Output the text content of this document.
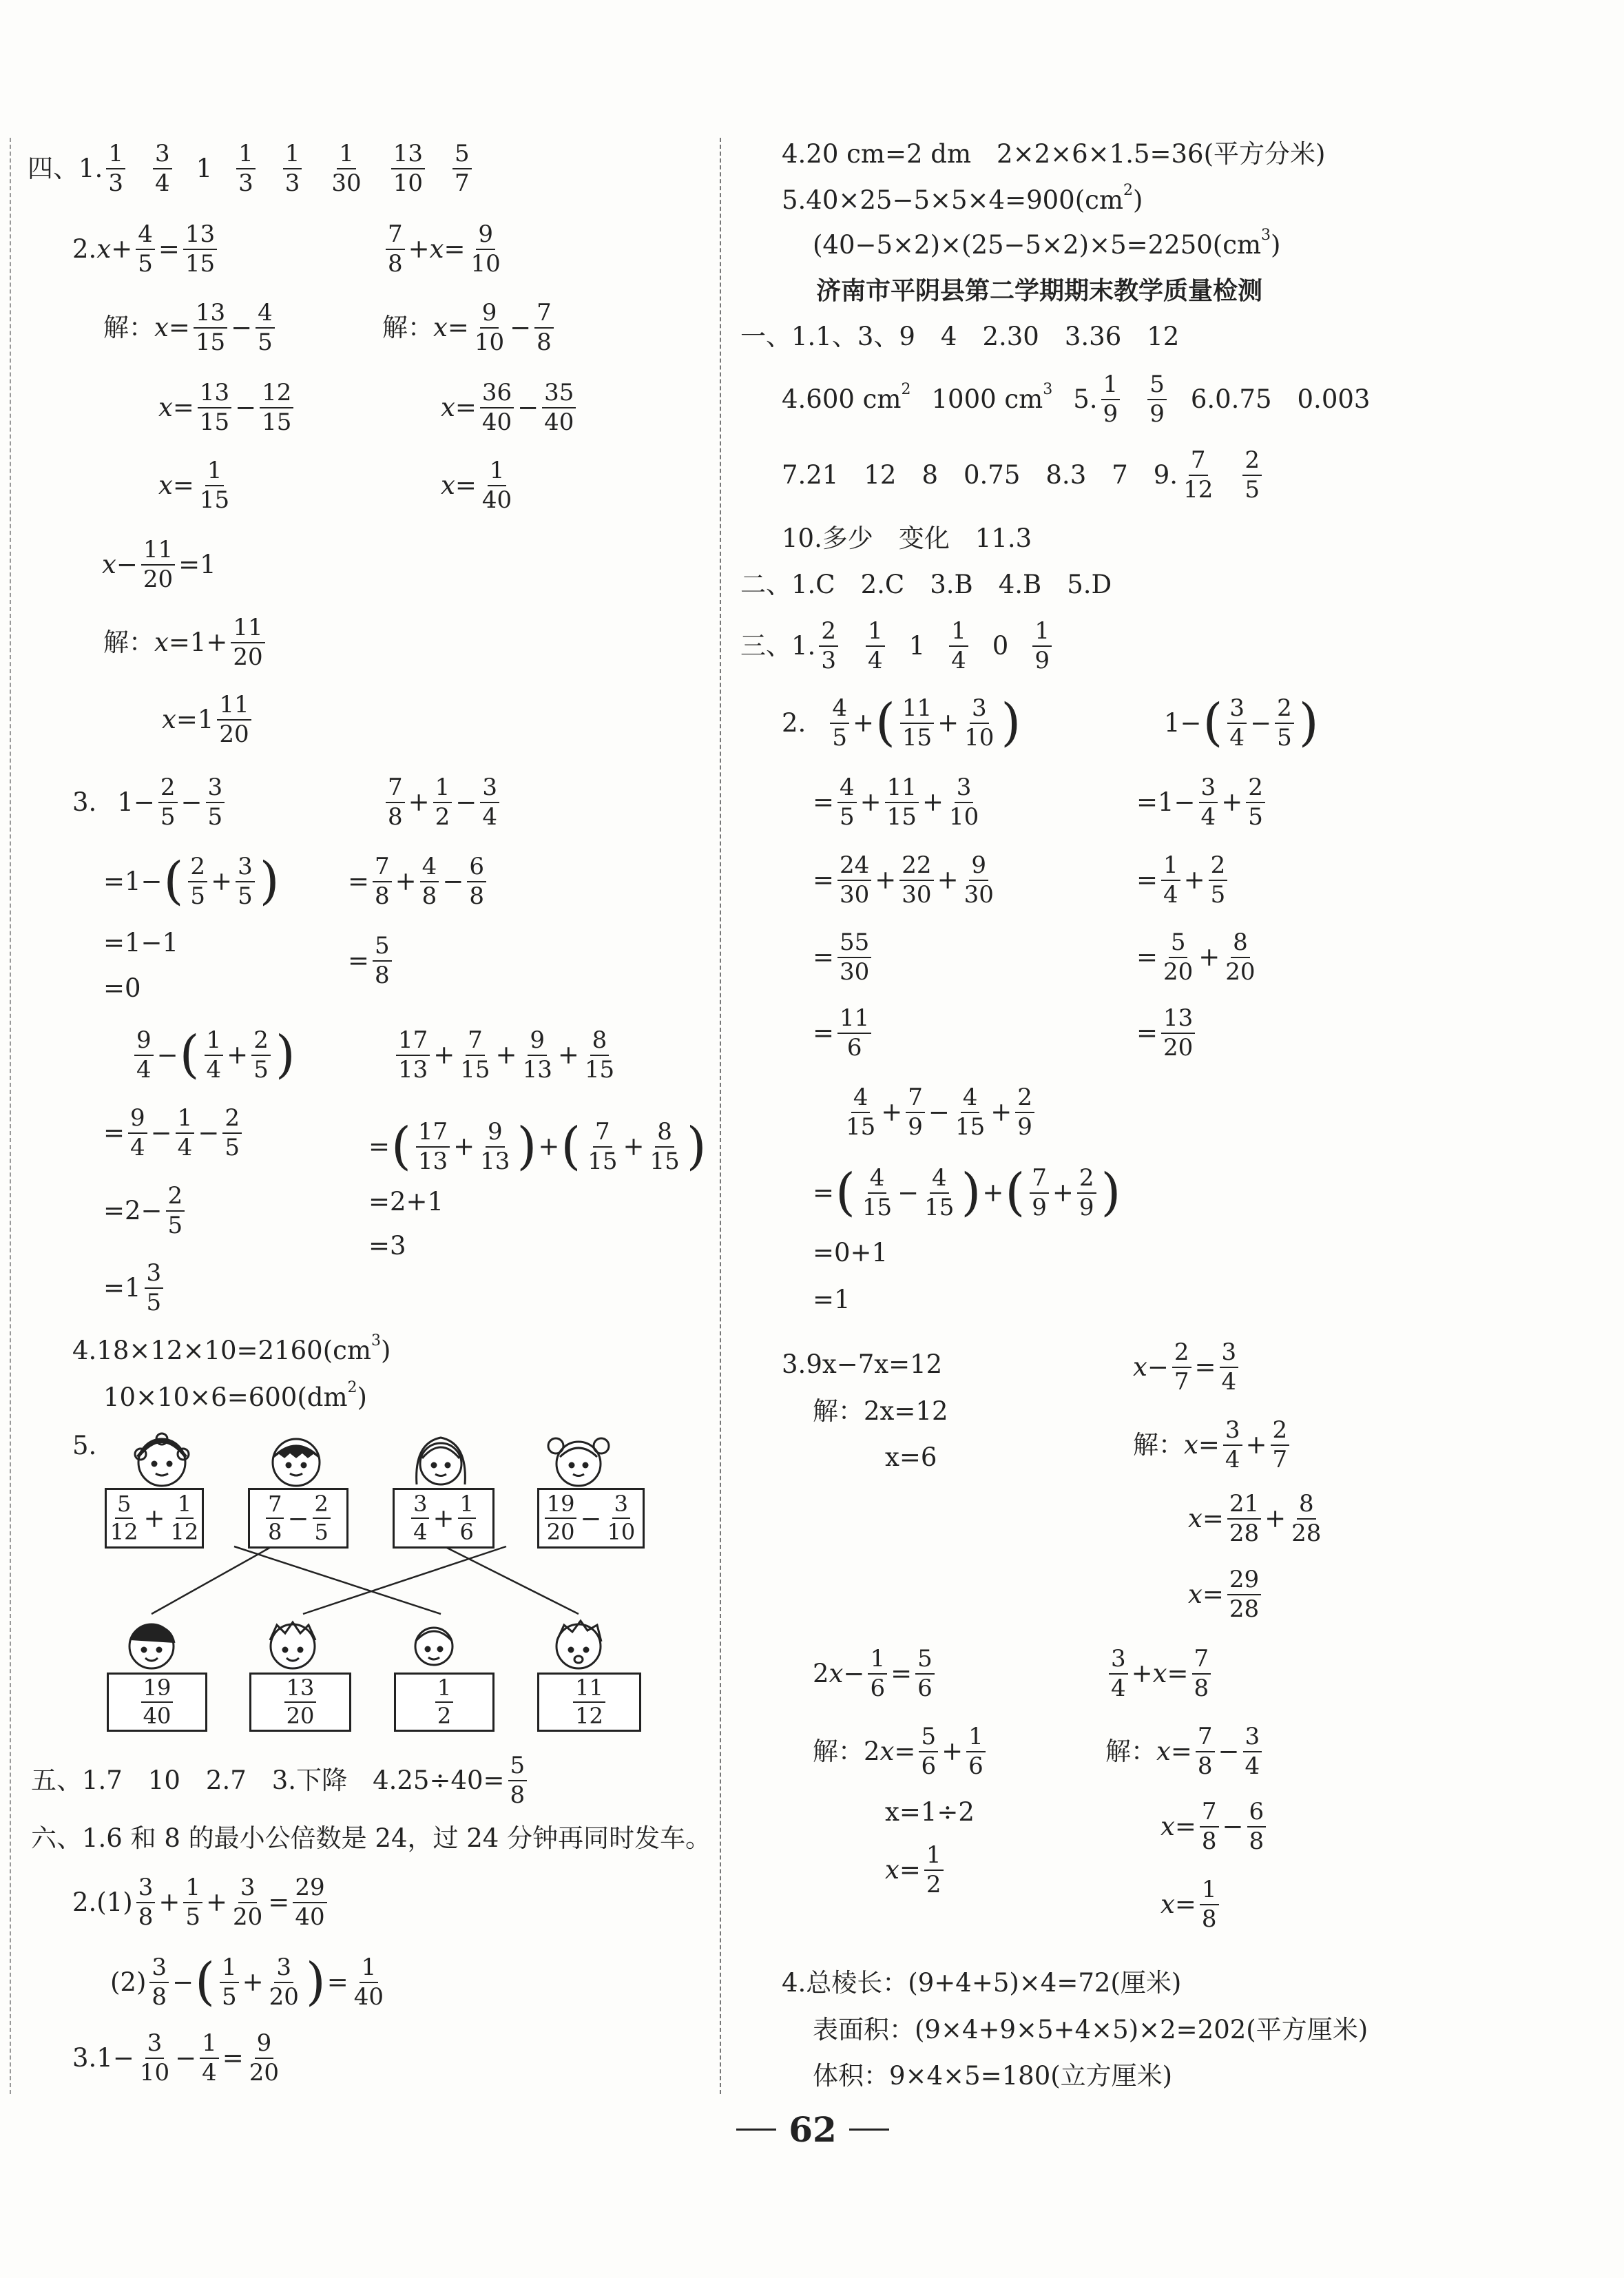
四、1.
1
3
3
4 1
1
3
1
3
1
30
13
10
5
7
2. x +
4
5 =
13
15
7
8 + x =
9
10
解： x =
13
15 −
4
5	解： x =
9
10 −
7
8
x =
13
15 −
12
15	x =
36
40 −
35
40
x =
1
15	x =
1
40
x −
11
20 =1
解： x =1+
11
20
x =1
11
20
3. 1−
2
5 −
3
5
7
8 +
1
2 −
3
4
=1− ( 2
5 +
3
5 )	=
7
8 +
4
8 −
6
8
=1−1
=
5
8
=0
9
4 − ( 1
4 +
2
5 )	17
13 +
7
15 +
9
13 +
8
15
=
9
4 −
1
4 −
2
5	= ( 17
13 +
9
13 ) + ( 7
15 +
8
15 )
=2−
2
5
=2+1
=3
=1
3
5
4.18×12×10=2160(cm 3 )
10×10×6=600(dm 2 )
5.
5
12 + 1
12
7
8 − 2
5
3
4 + 1
6
19
20 − 3
10
19
40
13
20
1
2
11
12
五、1.7　10　2.7　3.下降　$4.25\div 40= \frac{5}{8}$
六、1.6 和 8 的最小公倍数是 24，过 24 分钟再同时发车。
2.(1)
3
8 +
1
5 +
3
20 =
29
40
(2)
3
8 − ( 1
5 +
3
20 ) =
1
40
$3.1- \frac{3}{10}$ −
1
4 =
9
20
4.20 cm=2 dm　2×2×6×1.5=36(平方分米)
5.40×25−5×5×4=900(cm 2 )
(40−5×2)×(25−5×2)×5=2250(cm 3 )
济南市平阴县第二学期期末教学质量检测
一、1.1、3、9　4　2.30　3.36　12
4.600 cm 2 1000 cm 3 5.
1
9
5
9 6.0.75　0.003
7.21　12　8　0.75　8.3　7　9.
7
12
2
5
10.多少　变化　11.3
二、1.C　2.C　3.B　4.B　5.D
三、1.
2
3
1
4 1
1
4 0
1
9
2.
4
5 + ( 11
15 +
3
10 )	1− ( 3
4 −
2
5 )
=
4
5 +
11
15 +
3
10	=1−
3
4 +
2
5
=
24
30 +
22
30 +
9
30	=
1
4 +
2
5
=
55
30	=
5
20 +
8
20
=
11
6	=
13
20
4
15 +
7
9 −
4
15 +
2
9
= ( 4
15 −
4
15 ) + ( 7
9 +
2
9 )
=0+1
=1
3. 9x−7x=12	x −
2
7 =
3
4
解： 2x=12
x=6	解： x =
3
4 +
2
7
x =
21
28 +
8
28
x =
29
28
2 x −
1
6 =
5
6
3
4 + x =
7
8
解： 2 x =
5
6 +
1
6	解： x =
7
8 −
3
4
x=1÷2	x =
7
8 −
6
8
x =
1
2
x =
1
8
4.总棱长：(9+4+5)×4=72(厘米)
表面积：(9×4+9×5+4×5)×2=202(平方厘米)
体积：9×4×5=180(立方厘米)
62
